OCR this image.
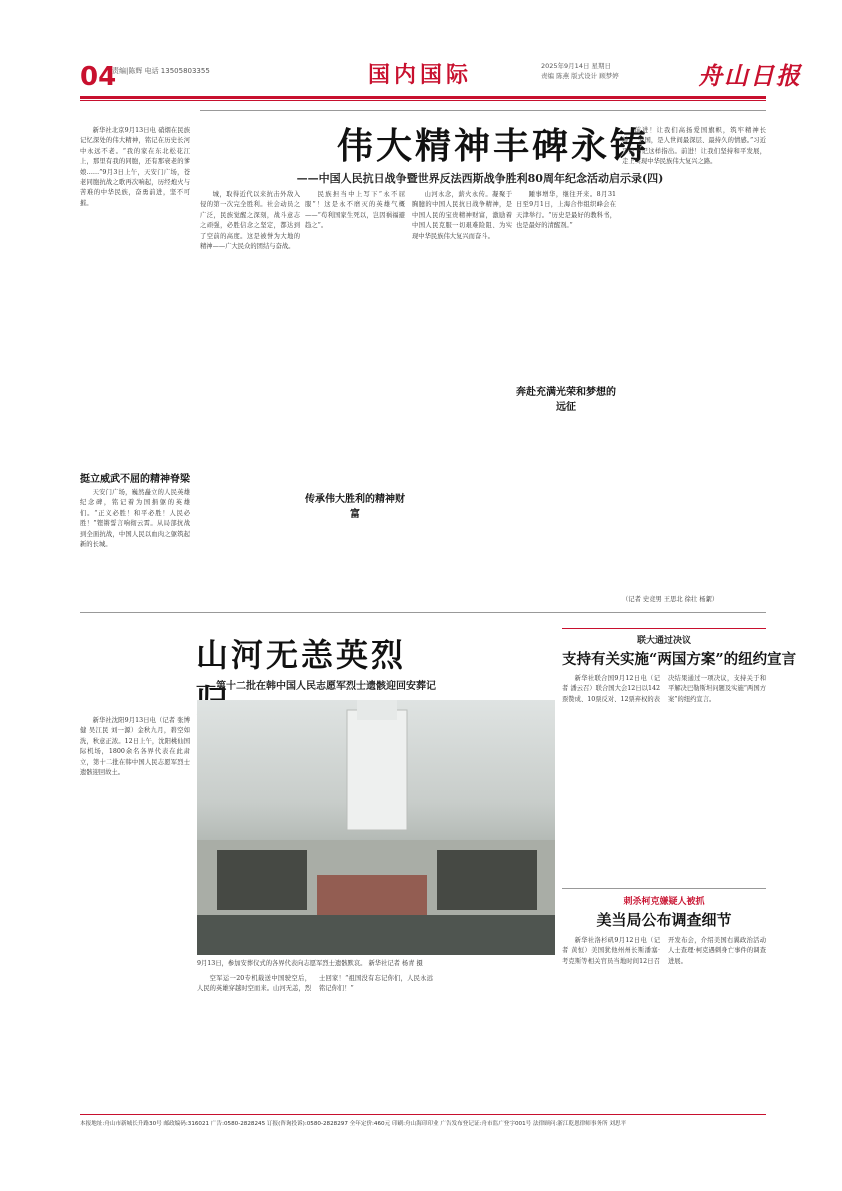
04
责编|陈辉 电话 13505803355	国内国际	2025年9月14日 星期日
责编 陈燕 版式设计 顾梦婷	舟山日报

新华社北京9月13日电 硝烟在民族记忆深处的伟大精神，铭记在历史长河中永远不老。“我的家在东北松花江上，那里有我的同胞，还有那衰老的爹娘……”9月3日上午，天安门广场，苍老同胞抗战之歌再次响起，历经炮火与苦难的中华民族，奋勇前进，坚不可摧。

伟大精神丰碑永铸
——中国人民抗日战争暨世界反法西斯战争胜利80周年纪念活动启示录(四)

城，取得近代以来抗击外敌入侵的第一次完全胜利。社会动员之广泛，民族觉醒之深刻，战斗意志之顽强，必胜信念之坚定，都达到了空前的高度。这是被誉为大地的精神——广大民众的团结与奋战。

民族担当中上写下“永不屈服”！这是永不磨灭的英雄气概——“苟利国家生死以，岂因祸福避趋之”。

传承伟大胜利的精神财富

山河永念，薪火永传。凝聚于胸臆的中国人民抗日战争精神，是中国人民的宝贵精神财富，激励着中国人民克服一切艰难险阻、为实现中华民族伟大复兴而奋斗。

踵事增华，继往开来。8月31日至9月1日，上海合作组织峰会在天津举行。“历史是最好的教科书，也是最好的清醒剂。”

奔赴充满光荣和梦想的远征

前进！让我们高扬爱国旗帜，筑牢精神长城。“爱国，是人世间最深层、最持久的情感。”习近平总书记这样指出。前进！让我们坚持和平发展，走上实现中华民族伟大复兴之路。

（记者 史竞男 王思北 徐壮 杨絮）
挺立威武不屈的精神脊梁

天安门广场，巍然矗立的人民英雄纪念碑，铭记着为国捐躯的英雄们。“正义必胜！和平必胜！人民必胜！”铿锵誓言响彻云霄。从局部抗战到全面抗战，中国人民以血肉之躯筑起新的长城。

山河无恙英烈
——第十二批在韩中国人民志愿军烈士遗骸迎回安葬记

新华社沈阳9月13日电（记者 张博健 吴江民 刘一源）金秋九月，碧空如洗，秋意正浓。12日上午，沈阳桃仙国际机场，1800余名各界代表在此肃立，第十二批在韩中国人民志愿军烈士遗骸迎回故土。

9月13日，参加安葬仪式的各界代表向志愿军烈士遗骸默哀。 新华社记者 杨青 摄

空军运一20专机载送中国驶空后，人民的英雄穿越时空而来。山河无恙，烈士回家！“祖国没有忘记你们，人民永远铭记你们！”

联大通过决议
支持有关实施“两国方案”的纽约宣言

新华社联合国9月12日电（记者 潘云召）联合国大会12日以142票赞成、10票反对、12票弃权的表决结果通过一项决议，支持关于和平解决巴勒斯坦问题及实施“两国方案”的纽约宣言。

刺杀柯克嫌疑人被抓
美当局公布调查细节

新华社洛杉矶9月12日电（记者 黄恒）美国犹他州州长斯潘塞·考克斯等相关官员当地时间12日召开发布会，介绍美国右翼政治活动人士查理·柯克遇刺身亡事件的调查进展。

本报地址:舟山市新城长升路30号 邮政编码:316021 广告:0580-2828245 订报(咨询投诉):0580-2828297 全年定价:460元 印刷:舟山海印印业 广告发布登记证:舟市监广登字001号 法律顾问:浙江乾恩律师事务所 刘思平
